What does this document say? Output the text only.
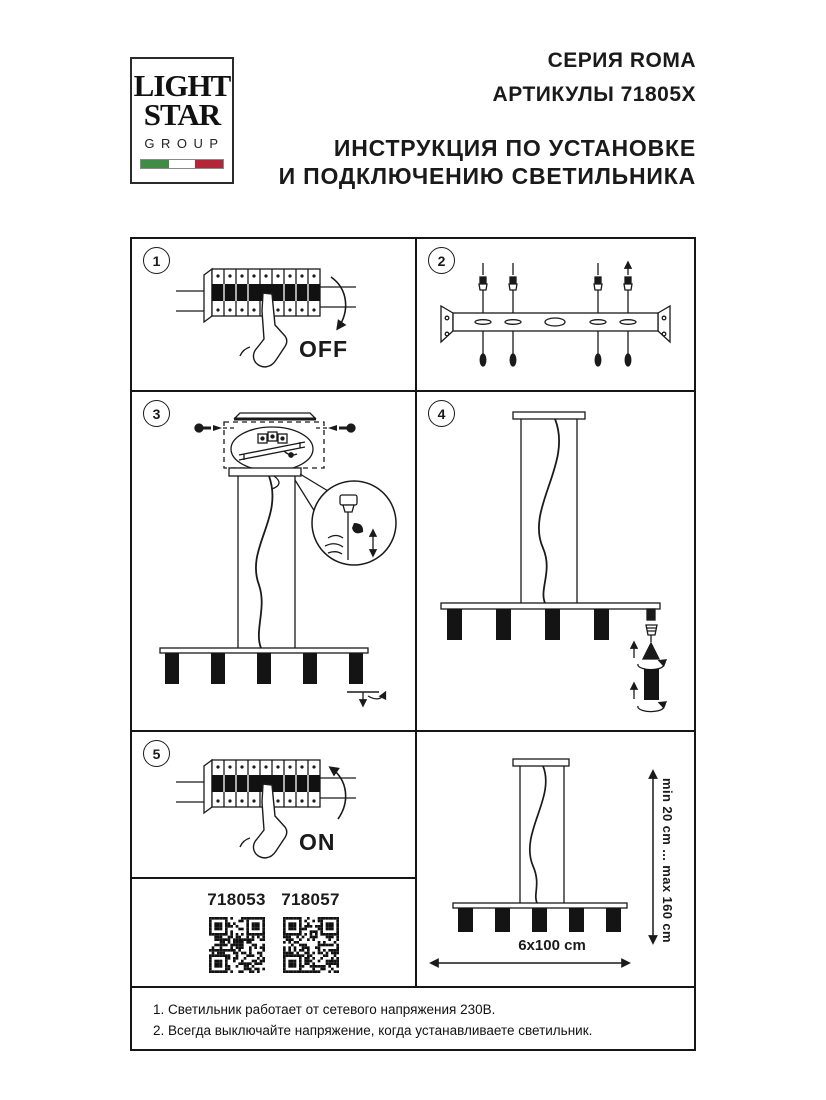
LIGHT
STAR
GROUP
СЕРИЯ ROMA
АРТИКУЛЫ 71805X
ИНСТРУКЦИЯ ПО УСТАНОВКЕ
И ПОДКЛЮЧЕНИЮ СВЕТИЛЬНИКА
1
OFF
2
3	4
5
ON
718053 718057	min 20 cm ... max 160 cm
6x100 cm
1. Светильник работает от сетевого напряжения 230В.
2. Всегда выключайте напряжение, когда устанавливаете светильник.
